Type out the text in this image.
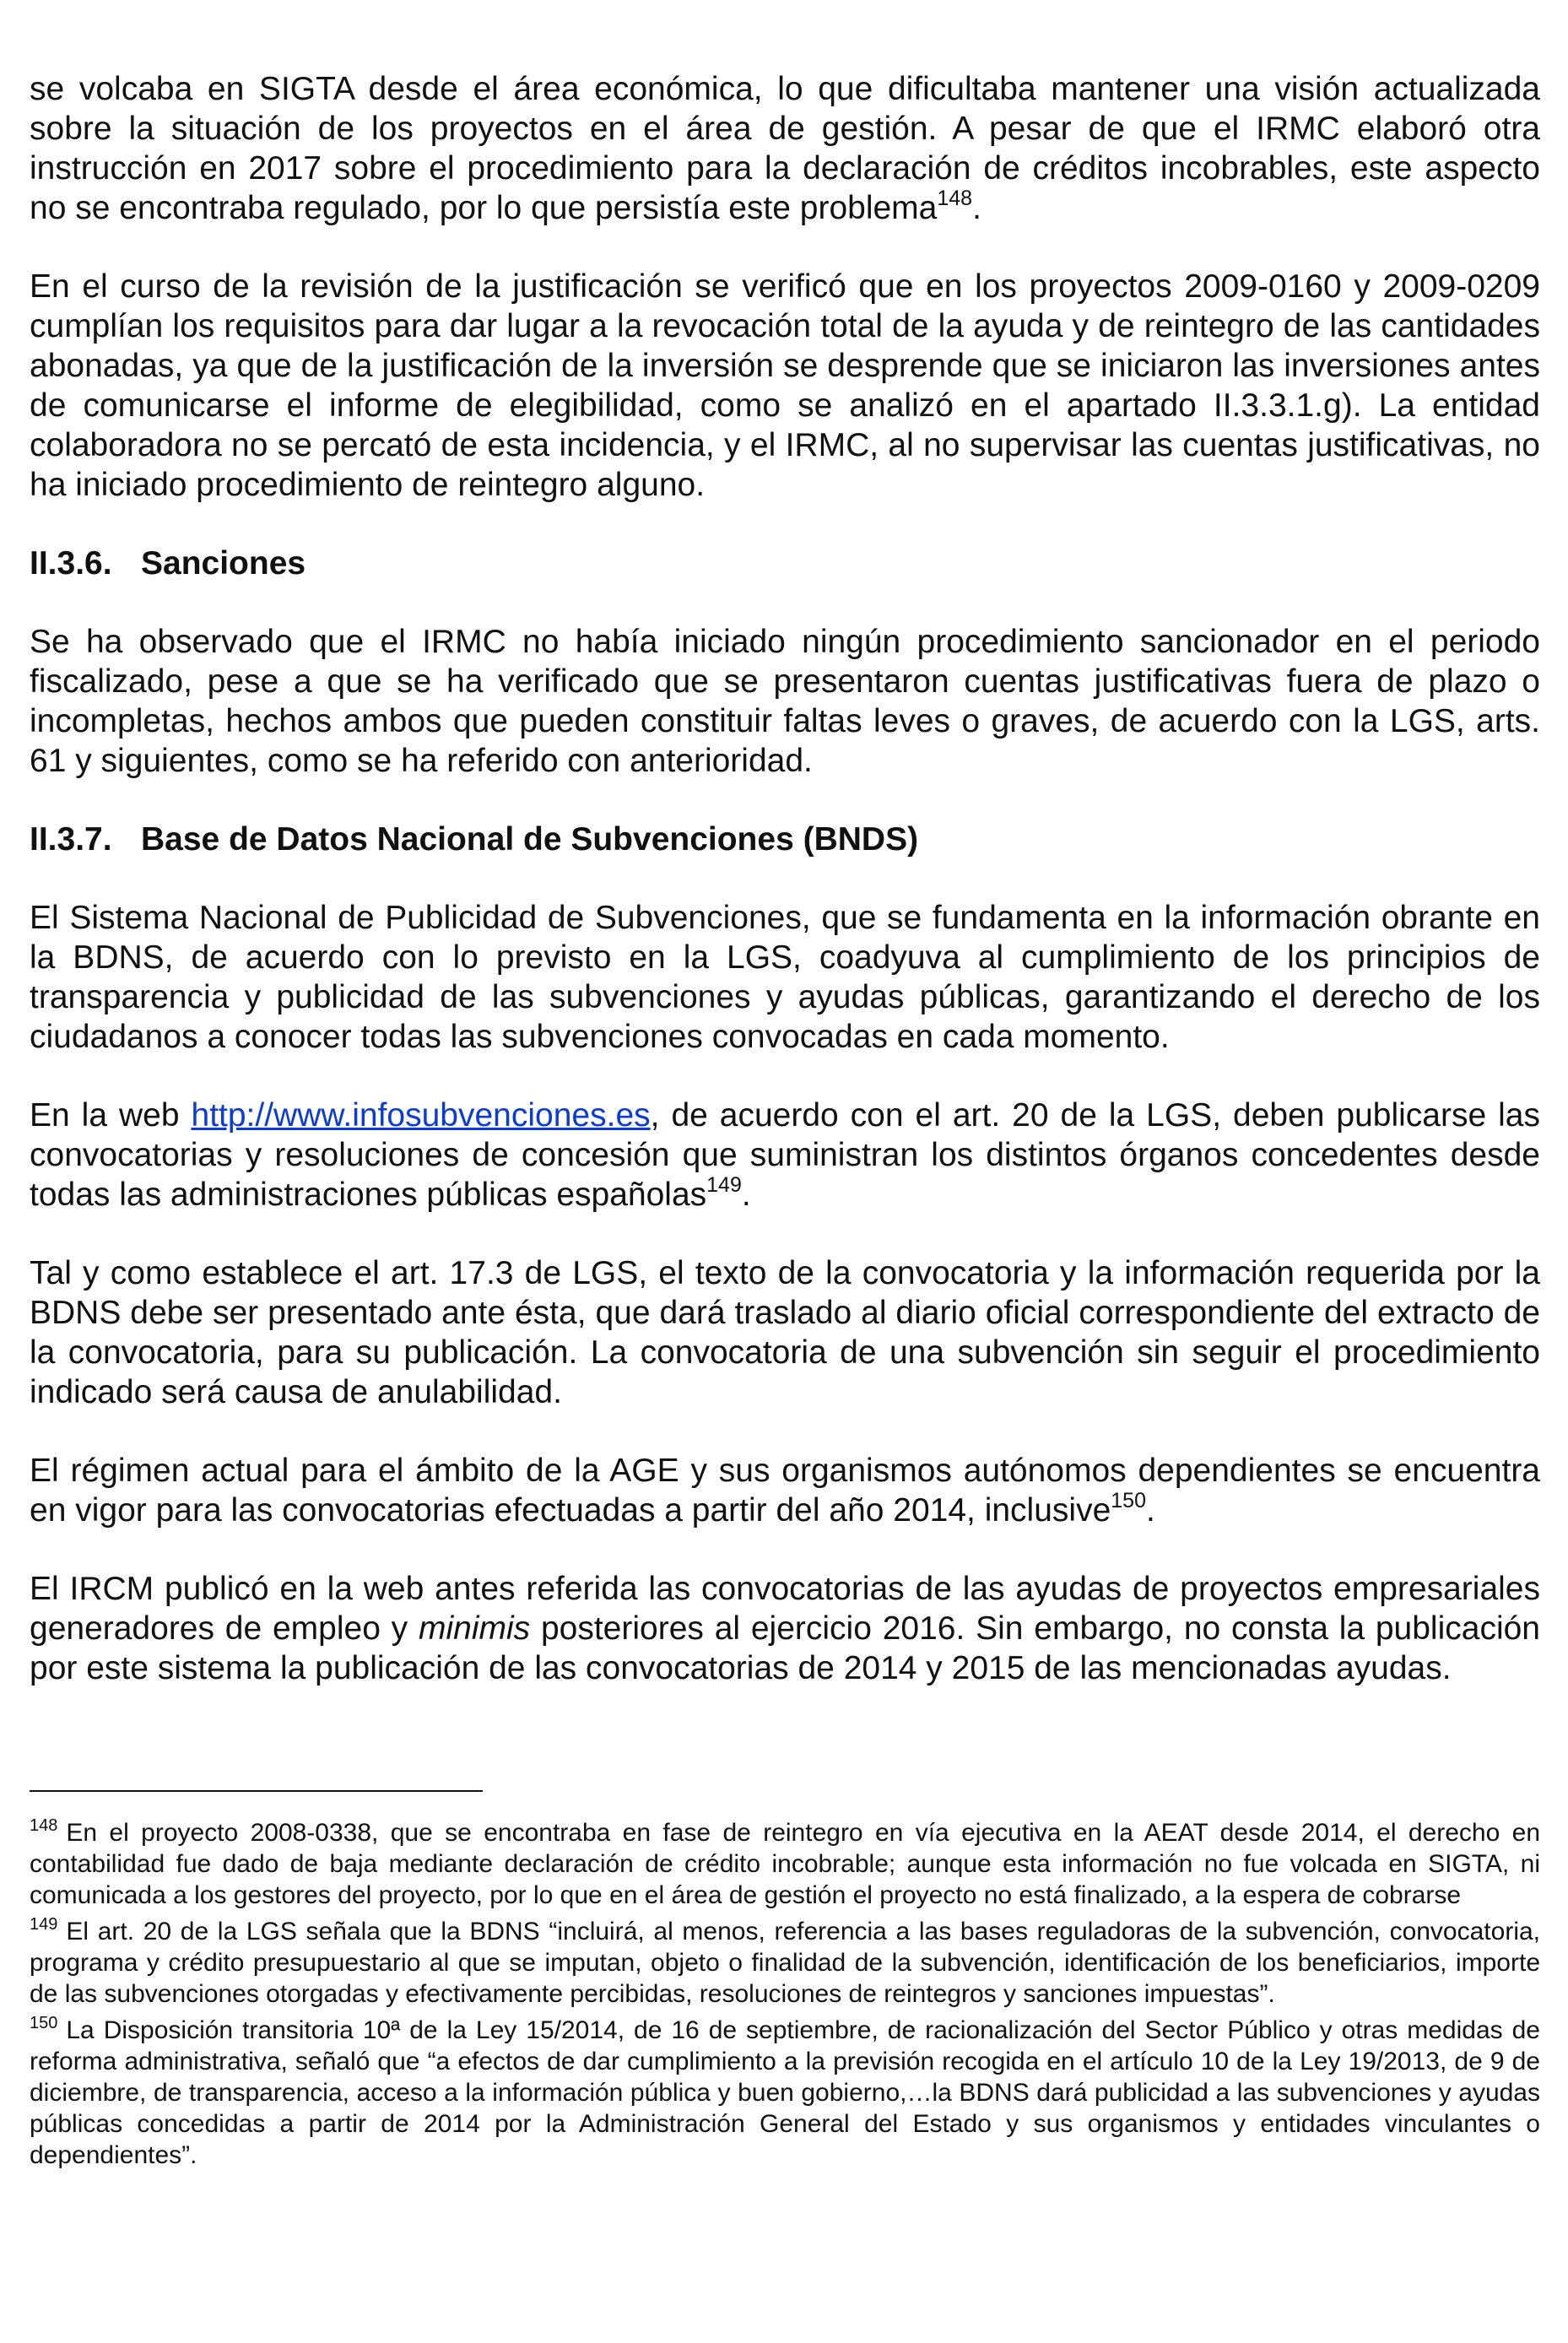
se volcaba en SIGTA desde el área económica, lo que dificultaba mantener una visión actualizada sobre la situación de los proyectos en el área de gestión. A pesar de que el IRMC elaboró otra instrucción en 2017 sobre el procedimiento para la declaración de créditos incobrables, este aspecto no se encontraba regulado, por lo que persistía este problema$^{148}$.

En el curso de la revisión de la justificación se verificó que en los proyectos 2009-0160 y 2009-0209 cumplían los requisitos para dar lugar a la revocación total de la ayuda y de reintegro de las cantidades abonadas, ya que de la justificación de la inversión se desprende que se iniciaron las inversiones antes de comunicarse el informe de elegibilidad, como se analizó en el apartado II.3.3.1.g). La entidad colaboradora no se percató de esta incidencia, y el IRMC, al no supervisar las cuentas justificativas, no ha iniciado procedimiento de reintegro alguno.

II.3.6. Sanciones

Se ha observado que el IRMC no había iniciado ningún procedimiento sancionador en el periodo fiscalizado, pese a que se ha verificado que se presentaron cuentas justificativas fuera de plazo o incompletas, hechos ambos que pueden constituir faltas leves o graves, de acuerdo con la LGS, arts. 61 y siguientes, como se ha referido con anterioridad.

II.3.7. Base de Datos Nacional de Subvenciones (BNDS)

El Sistema Nacional de Publicidad de Subvenciones, que se fundamenta en la información obrante en la BDNS, de acuerdo con lo previsto en la LGS, coadyuva al cumplimiento de los principios de transparencia y publicidad de las subvenciones y ayudas públicas, garantizando el derecho de los ciudadanos a conocer todas las subvenciones convocadas en cada momento.

En la web http://www.infosubvenciones.es, de acuerdo con el art. 20 de la LGS, deben publicarse las convocatorias y resoluciones de concesión que suministran los distintos órganos concedentes desde todas las administraciones públicas españolas$^{149}$.

Tal y como establece el art. 17.3 de LGS, el texto de la convocatoria y la información requerida por la BDNS debe ser presentado ante ésta, que dará traslado al diario oficial correspondiente del extracto de la convocatoria, para su publicación. La convocatoria de una subvención sin seguir el procedimiento indicado será causa de anulabilidad.

El régimen actual para el ámbito de la AGE y sus organismos autónomos dependientes se encuentra en vigor para las convocatorias efectuadas a partir del año 2014, inclusive$^{150}$.

El IRCM publicó en la web antes referida las convocatorias de las ayudas de proyectos empresariales generadores de empleo y minimis posteriores al ejercicio 2016. Sin embargo, no consta la publicación por este sistema la publicación de las convocatorias de 2014 y 2015 de las mencionadas ayudas.

$^{148}$ En el proyecto 2008-0338, que se encontraba en fase de reintegro en vía ejecutiva en la AEAT desde 2014, el derecho en contabilidad fue dado de baja mediante declaración de crédito incobrable; aunque esta información no fue volcada en SIGTA, ni comunicada a los gestores del proyecto, por lo que en el área de gestión el proyecto no está finalizado, a la espera de cobrarse

$^{149}$ El art. 20 de la LGS señala que la BDNS “incluirá, al menos, referencia a las bases reguladoras de la subvención, convocatoria, programa y crédito presupuestario al que se imputan, objeto o finalidad de la subvención, identificación de los beneficiarios, importe de las subvenciones otorgadas y efectivamente percibidas, resoluciones de reintegros y sanciones impuestas”.

$^{150}$ La Disposición transitoria 10ª de la Ley 15/2014, de 16 de septiembre, de racionalización del Sector Público y otras medidas de reforma administrativa, señaló que “a efectos de dar cumplimiento a la previsión recogida en el artículo 10 de la Ley 19/2013, de 9 de diciembre, de transparencia, acceso a la información pública y buen gobierno,…la BDNS dará publicidad a las subvenciones y ayudas públicas concedidas a partir de 2014 por la Administración General del Estado y sus organismos y entidades vinculantes o dependientes”.
